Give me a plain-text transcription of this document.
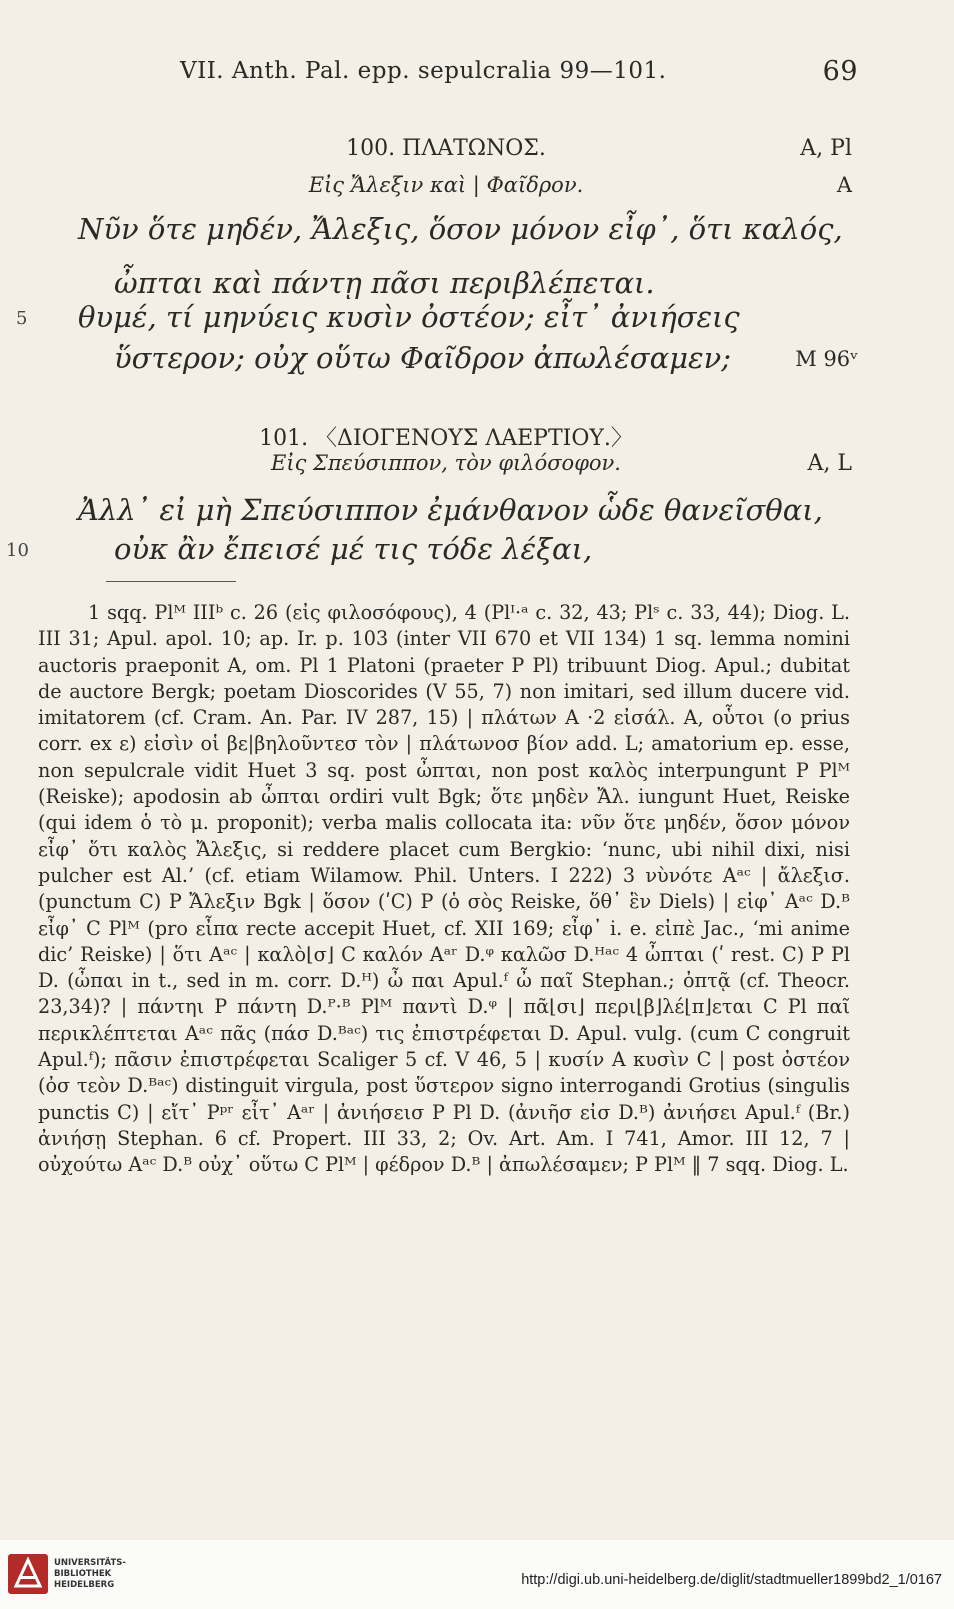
VII. Anth. Pal. epp. sepulcralia 99—101.	69
100. ΠΛΑΤΩΝΟΣ.	A, Pl
Εἰς Ἄλεξιν καὶ | Φαῖδρον.	A
Νῦν ὅτε μηδέν, Ἄλεξις, ὅσον μόνον εἶφ᾽, ὅτι καλός,
ὦπται καὶ πάντῃ πᾶσι περιβλέπεται.
5 θυμέ, τί μηνύεις κυσὶν ὀστέον; εἶτ᾽ ἀνιήσεις
ὕστερον; οὐχ οὕτω Φαῖδρον ἀπωλέσαμεν;	M 96ᵛ
101. 〈ΔΙΟΓΕΝΟΥΣ ΛΑΕΡΤΙΟΥ.〉
A, L
Εἰς Σπεύσιππον, τὸν φιλόσοφον.
Ἀλλ᾽ εἰ μὴ Σπεύσιππον ἐμάνθανον ὧδε θανεῖσθαι,
10	οὐκ ἂν ἔπεισέ μέ τις τόδε λέξαι,

1 sqq. Plᴹ IIIᵇ c. 26 (εἰς φιλοσόφους), 4 (Plᴵ·ᵃ c. 32, 43; Plˢ c. 33, 44); Diog. L. III 31; Apul. apol. 10; ap. Ir. p. 103 (inter VII 670 et VII 134) 1 sq. lemma nomini auctoris praeponit A, om. Pl 1 Platoni (praeter P Pl) tribuunt Diog. Apul.; dubitat de auctore Bergk; poetam Dioscorides (V 55, 7) non imitari, sed illum ducere vid. imitatorem (cf. Cram. An. Par. IV 287, 15) | πλάτων A ·2 εἰσάλ. A, οὗτοι (ο prius corr. ex ε) εἰσὶν οἱ βε|βηλοῦντεσ τὸν | πλάτωνοσ βίον add. L; amatorium ep. esse, non sepulcrale vidit Huet 3 sq. post ὦπται, non post καλὸς interpungunt P Plᴹ (Reiske); apodosin ab ὦπται ordiri vult Bgk; ὅτε μηδὲν Ἄλ. iungunt Huet, Reiske (qui idem ὁ τὸ μ. proponit); verba malis collocata ita: νῦν ὅτε μηδέν, ὅσον μόνον εἶφ᾽ ὅτι καλὸς Ἄλεξις, si reddere placet cum Bergkio: ‘nunc, ubi nihil dixi, nisi pulcher est Al.’ (cf. etiam Wilamow. Phil. Unters. I 222) 3 νὺνότε Aᵃᶜ | ἄλεξισ. (punctum C) P Ἄλεξιν Bgk | ὅσον (ʹC) P (ὁ σὸς Reiske, ὅθ᾽ ἓν Diels) | εἰφ᾽ Aᵃᶜ D.ᴮ εἶφ᾽ C Plᴹ (pro εἶπα recte accepit Huet, cf. XII 169; εἶφ᾽ i. e. εἰπὲ Jac., ‘mi anime dic’ Reiske) | ὅτι Aᵃᶜ | καλὸ⌊σ⌋ C καλόν Aᵃʳ D.ᵠ καλῶσ D.ᴴᵃᶜ 4 ὦπται (ʹ rest. C) P Pl D. (ὦπαι in t., sed in m. corr. D.ᴴ) ὦ παι Apul.ᶠ ὦ παῖ Stephan.; ὀπτᾷ (cf. Theocr. 23,34)? | πάντηι P πάντη D.ᴾ·ᴮ Plᴹ παντὶ D.ᵠ | πᾶ⌊σι⌋ περι⌊β⌋λέ⌊π⌋εται C Pl παῖ περικλέπτεται Aᵃᶜ πᾶς (πάσ D.ᴮᵃᶜ) τις ἐπιστρέφεται D. Apul. vulg. (cum C congruit Apul.ᶠ); πᾶσιν ἐπιστρέφεται Scaliger 5 cf. V 46, 5 | κυσίν A κυσὶν C | post ὀστέον (ὀσ τεὸν D.ᴮᵃᶜ) distinguit virgula, post ὕστερον signo interrogandi Grotius (singulis punctis C) | εἴτ᾽ Pᵖʳ εἶτ᾽ Aᵃʳ | ἀνιήσεισ P Pl D. (ἀνιῆσ εἰσ D.ᴮ) ἀνιήσει Apul.ᶠ (Br.) ἀνιήσῃ Stephan. 6 cf. Propert. III 33, 2; Ov. Art. Am. I 741, Amor. III 12, 7 | οὐχούτω Aᵃᶜ D.ᴮ οὐχ᾽ οὕτω C Plᴹ | φέδρον D.ᴮ | ἀπωλέσαμεν; P Plᴹ ‖ 7 sqq. Diog. L.

UNIVERSITÄTS-
BIBLIOTHEK
HEIDELBERG	http://digi.ub.uni-heidelberg.de/diglit/stadtmueller1899bd2_1/0167
